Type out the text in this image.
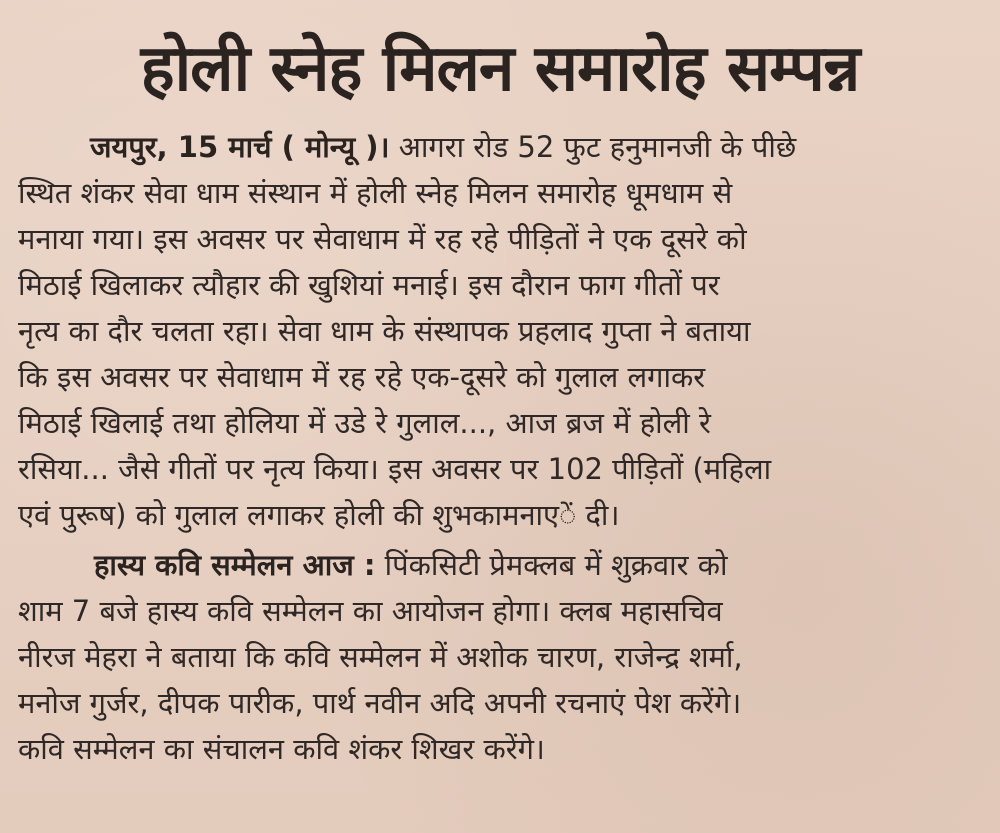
होली स्नेह मिलन समारोह सम्पन्न
जयपुर, 15 मार्च ( मोन्यू )। आगरा रोड 52 फुट हनुमानजी के पीछे
स्थित शंकर सेवा धाम संस्थान में होली स्नेह मिलन समारोह धूमधाम से
मनाया गया। इस अवसर पर सेवाधाम में रह रहे पीड़ितों ने एक दूसरे को
मिठाई खिलाकर त्यौहार की खुशियां मनाई। इस दौरान फाग गीतों पर
नृत्य का दौर चलता रहा। सेवा धाम के संस्थापक प्रहलाद गुप्ता ने बताया
कि इस अवसर पर सेवाधाम में रह रहे एक-दूसरे को गुलाल लगाकर
मिठाई खिलाई तथा होलिया में उडे रे गुलाल..., आज ब्रज में होली रे
रसिया... जैसे गीतों पर नृत्य किया। इस अवसर पर 102 पीड़ितों (महिला
एवं पुरूष) को गुलाल लगाकर होली की शुभकामनाएें दी।
हास्य कवि सम्मेलन आज : पिंकसिटी प्रेमक्लब में शुक्रवार को
शाम 7 बजे हास्य कवि सम्मेलन का आयोजन होगा। क्लब महासचिव
नीरज मेहरा ने बताया कि कवि सम्मेलन में अशोक चारण, राजेन्द्र शर्मा,
मनोज गुर्जर, दीपक पारीक, पार्थ नवीन अदि अपनी रचनाएं पेश करेंगे।
कवि सम्मेलन का संचालन कवि शंकर शिखर करेंगे।
